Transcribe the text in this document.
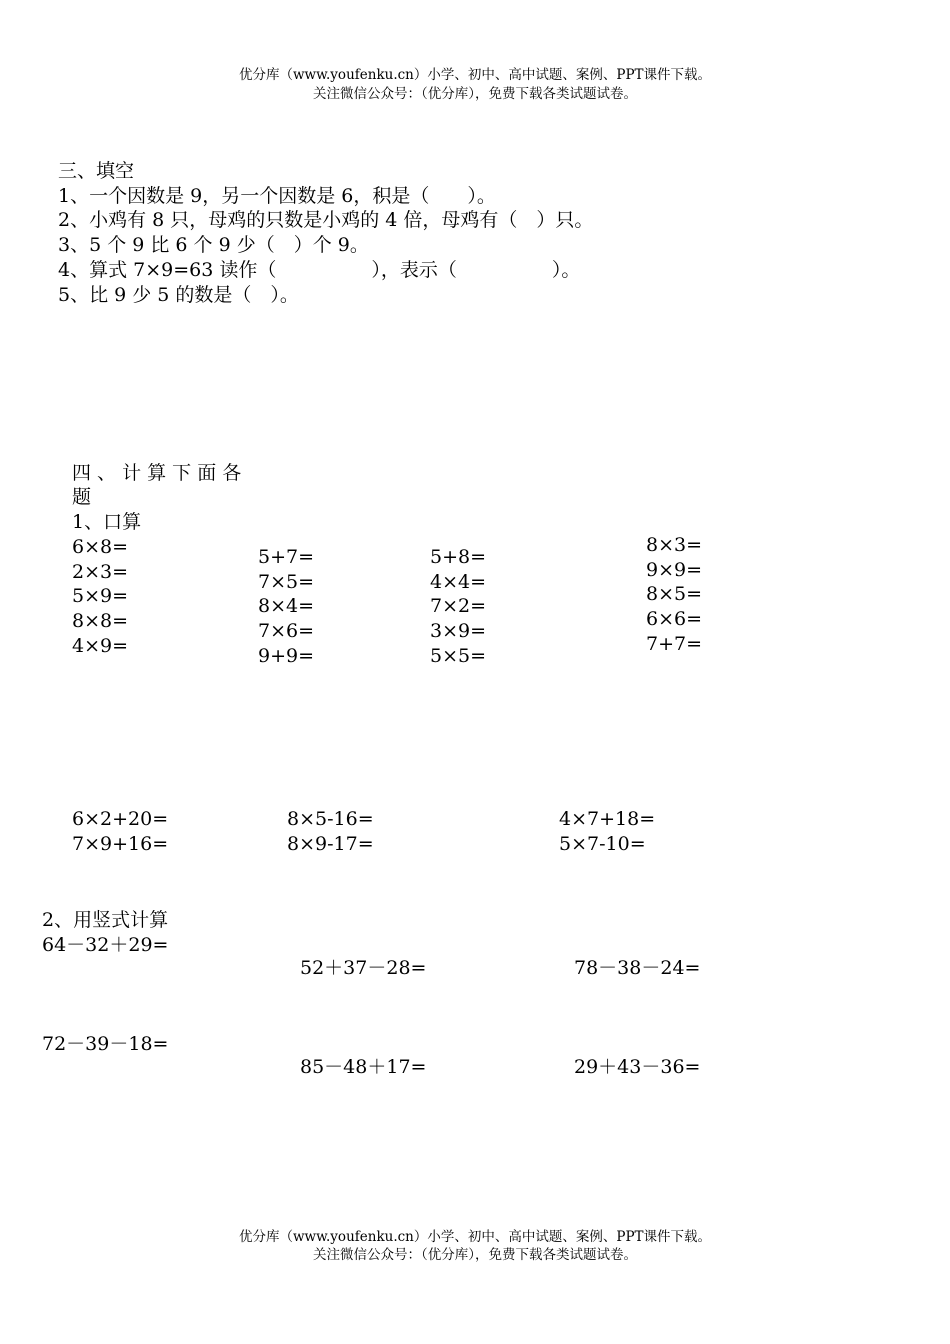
优分库（www.youfenku.cn）小学、初中、高中试题、案例、PPT课件下载。
关注微信公众号：（优分库），免费下载各类试题试卷。
三、填空
1、一个因数是 9，另一个因数是 6，积是（　　）。
2、小鸡有 8 只，母鸡的只数是小鸡的 4 倍，母鸡有（　）只。
3、5 个 9 比 6 个 9 少（　）个 9。
4、算式 7×9=63 读作（　　　　　），表示（　　　　　）。
5、比 9 少 5 的数是（　）。
四 、 计 算 下 面 各
题
1、口算
6×8=
2×3=
5×9=
8×8=
4×9=
5+7=
7×5=
8×4=
7×6=
9+9=
5+8=
4×4=
7×2=
3×9=
5×5=
8×3=
9×9=
8×5=
6×6=
7+7=
6×2+20=
7×9+16=
8×5-16=
8×9-17=
4×7+18=
5×7-10=
2、用竖式计算
64－32＋29=
52＋37－28=	78－38－24=
72－39－18=
85－48＋17=	29＋43－36=
优分库（www.youfenku.cn）小学、初中、高中试题、案例、PPT课件下载。
关注微信公众号：（优分库），免费下载各类试题试卷。
